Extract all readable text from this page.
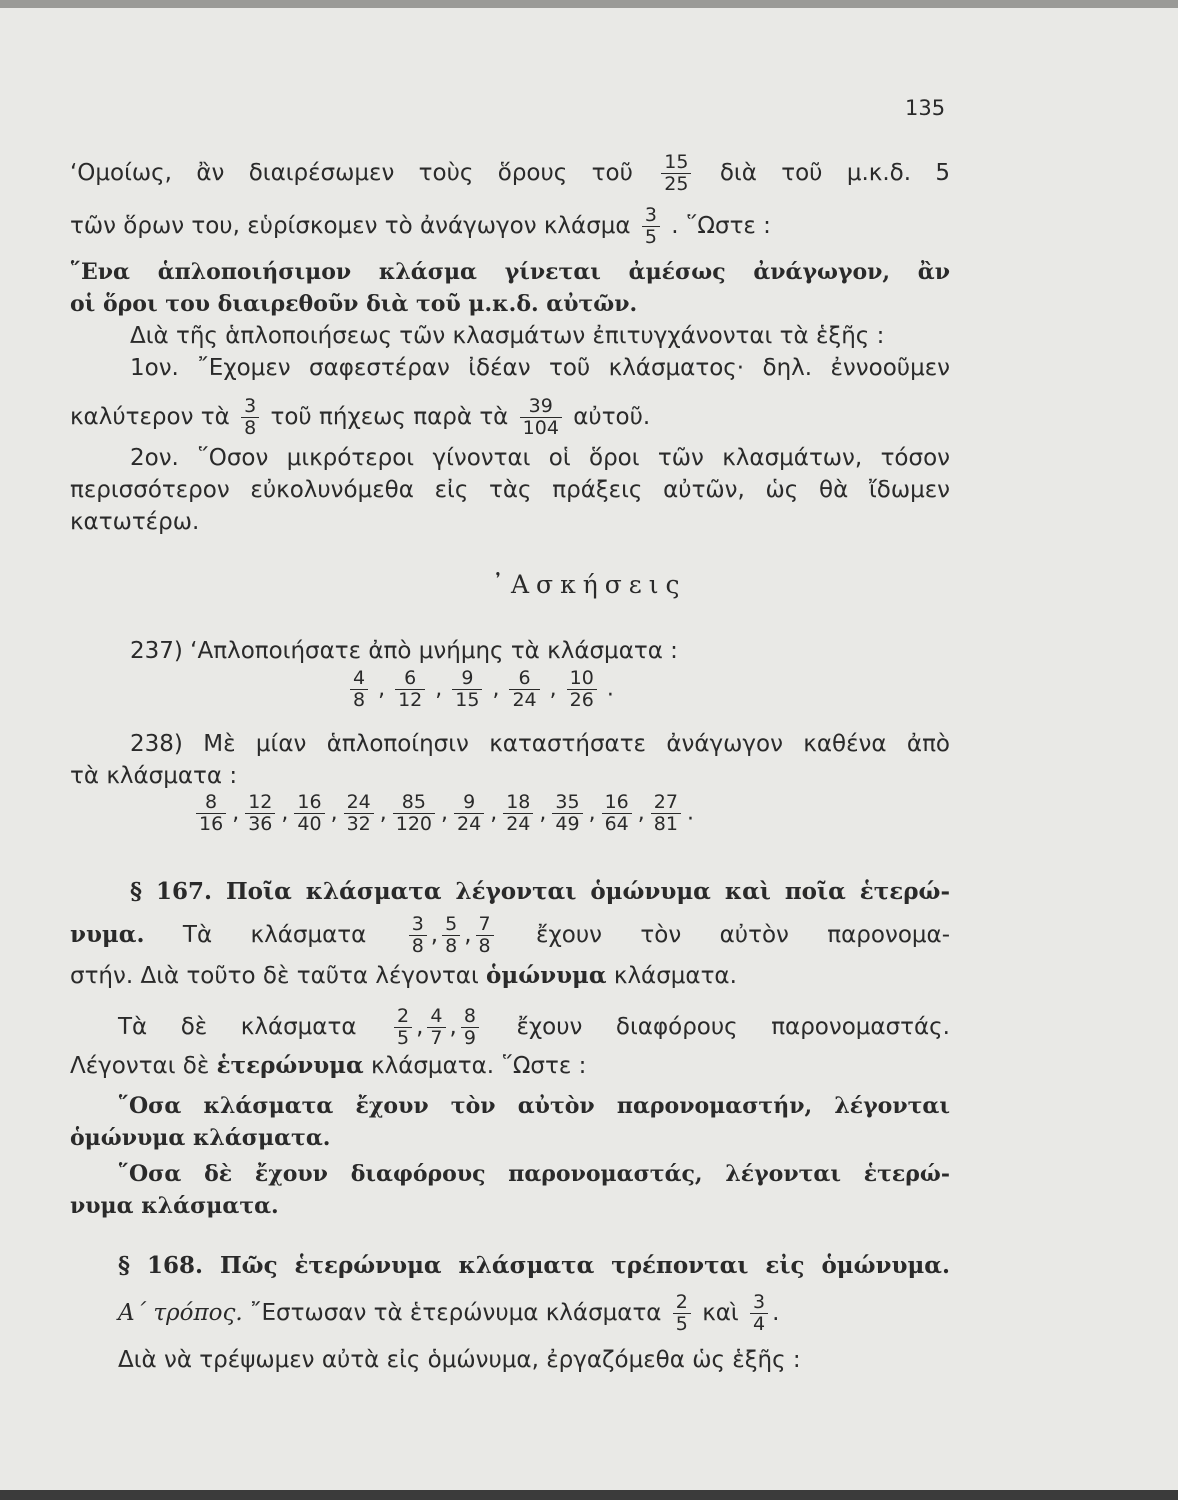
135
‘Ομοίως, ἂν διαιρέσωμεν τοὺς ὅρους τοῦ $\frac{15}{25}$ διὰ τοῦ μ.κ.δ. 5
τῶν ὅρων του, εὑρίσκομεν τὸ ἀνάγωγον κλάσμα $\frac{3}{5}$ . ῞Ωστε :
῞Ενα ἁπλοποιήσιμον κλάσμα γίνεται ἀμέσως ἀνάγωγον, ἂν
οἱ ὅροι του διαιρεθοῦν διὰ τοῦ μ.κ.δ. αὐτῶν.
Διὰ τῆς ἁπλοποιήσεως τῶν κλασμάτων ἐπιτυγχάνονται τὰ ἑξῆς :
1ον. ῎Εχομεν σαφεστέραν ἰδέαν τοῦ κλάσματος· δηλ. ἐννοοῦμεν
καλύτερον τὰ $\frac{3}{8}$ τοῦ πήχεως παρὰ τὰ $\frac{39}{104}$ αὐτοῦ.
2ον. ῞Οσον μικρότεροι γίνονται οἱ ὅροι τῶν κλασμάτων, τόσον
περισσότερον εὐκολυνόμεθα εἰς τὰς πράξεις αὐτῶν, ὡς θὰ ἴδωμεν
κατωτέρω.
᾿Ασκήσεις
237) ‘Απλοποιήσατε ἀπὸ μνήμης τὰ κλάσματα :
$\frac{4}{8}$ , $\frac{6}{12}$ , $\frac{9}{15}$ , $\frac{6}{24}$ , $\frac{10}{26}$ .
238) Μὲ μίαν ἁπλοποίησιν καταστήσατε ἀνάγωγον καθένα ἀπὸ
τὰ κλάσματα :
$\frac{8}{16}$ , $\frac{12}{36}$ , $\frac{16}{40}$ , $\frac{24}{32}$ , $\frac{85}{120}$ , $\frac{9}{24}$ , $\frac{18}{24}$ , $\frac{35}{49}$ , $\frac{16}{64}$ , $\frac{27}{81}$ .
§ 167. Ποῖα κλάσματα λέγονται ὁμώνυμα καὶ ποῖα ἑτερώ-
νυμα. Τὰ κλάσματα $\frac{3}{8}$ , $\frac{5}{8}$ , $\frac{7}{8}$ ἔχουν τὸν αὐτὸν παρονομα-
στήν. Διὰ τοῦτο δὲ ταῦτα λέγονται ὁμώνυμα κλάσματα.
Τὰ δὲ κλάσματα $\frac{2}{5}$ , $\frac{4}{7}$ , $\frac{8}{9}$ ἔχουν διαφόρους παρονομαστάς.
Λέγονται δὲ ἑτερώνυμα κλάσματα. ῞Ωστε :
῞Οσα κλάσματα ἔχουν τὸν αὐτὸν παρονομαστήν, λέγονται
ὁμώνυμα κλάσματα.
῞Οσα δὲ ἔχουν διαφόρους παρονομαστάς, λέγονται ἑτερώ-
νυμα κλάσματα.
§ 168. Πῶς ἑτερώνυμα κλάσματα τρέπονται εἰς ὁμώνυμα.
Α΄ τρόπος. ῎Εστωσαν τὰ ἑτερώνυμα κλάσματα $\frac{2}{5}$ καὶ $\frac{3}{4}$ .
Διὰ νὰ τρέψωμεν αὐτὰ εἰς ὁμώνυμα, ἐργαζόμεθα ὡς ἑξῆς :
